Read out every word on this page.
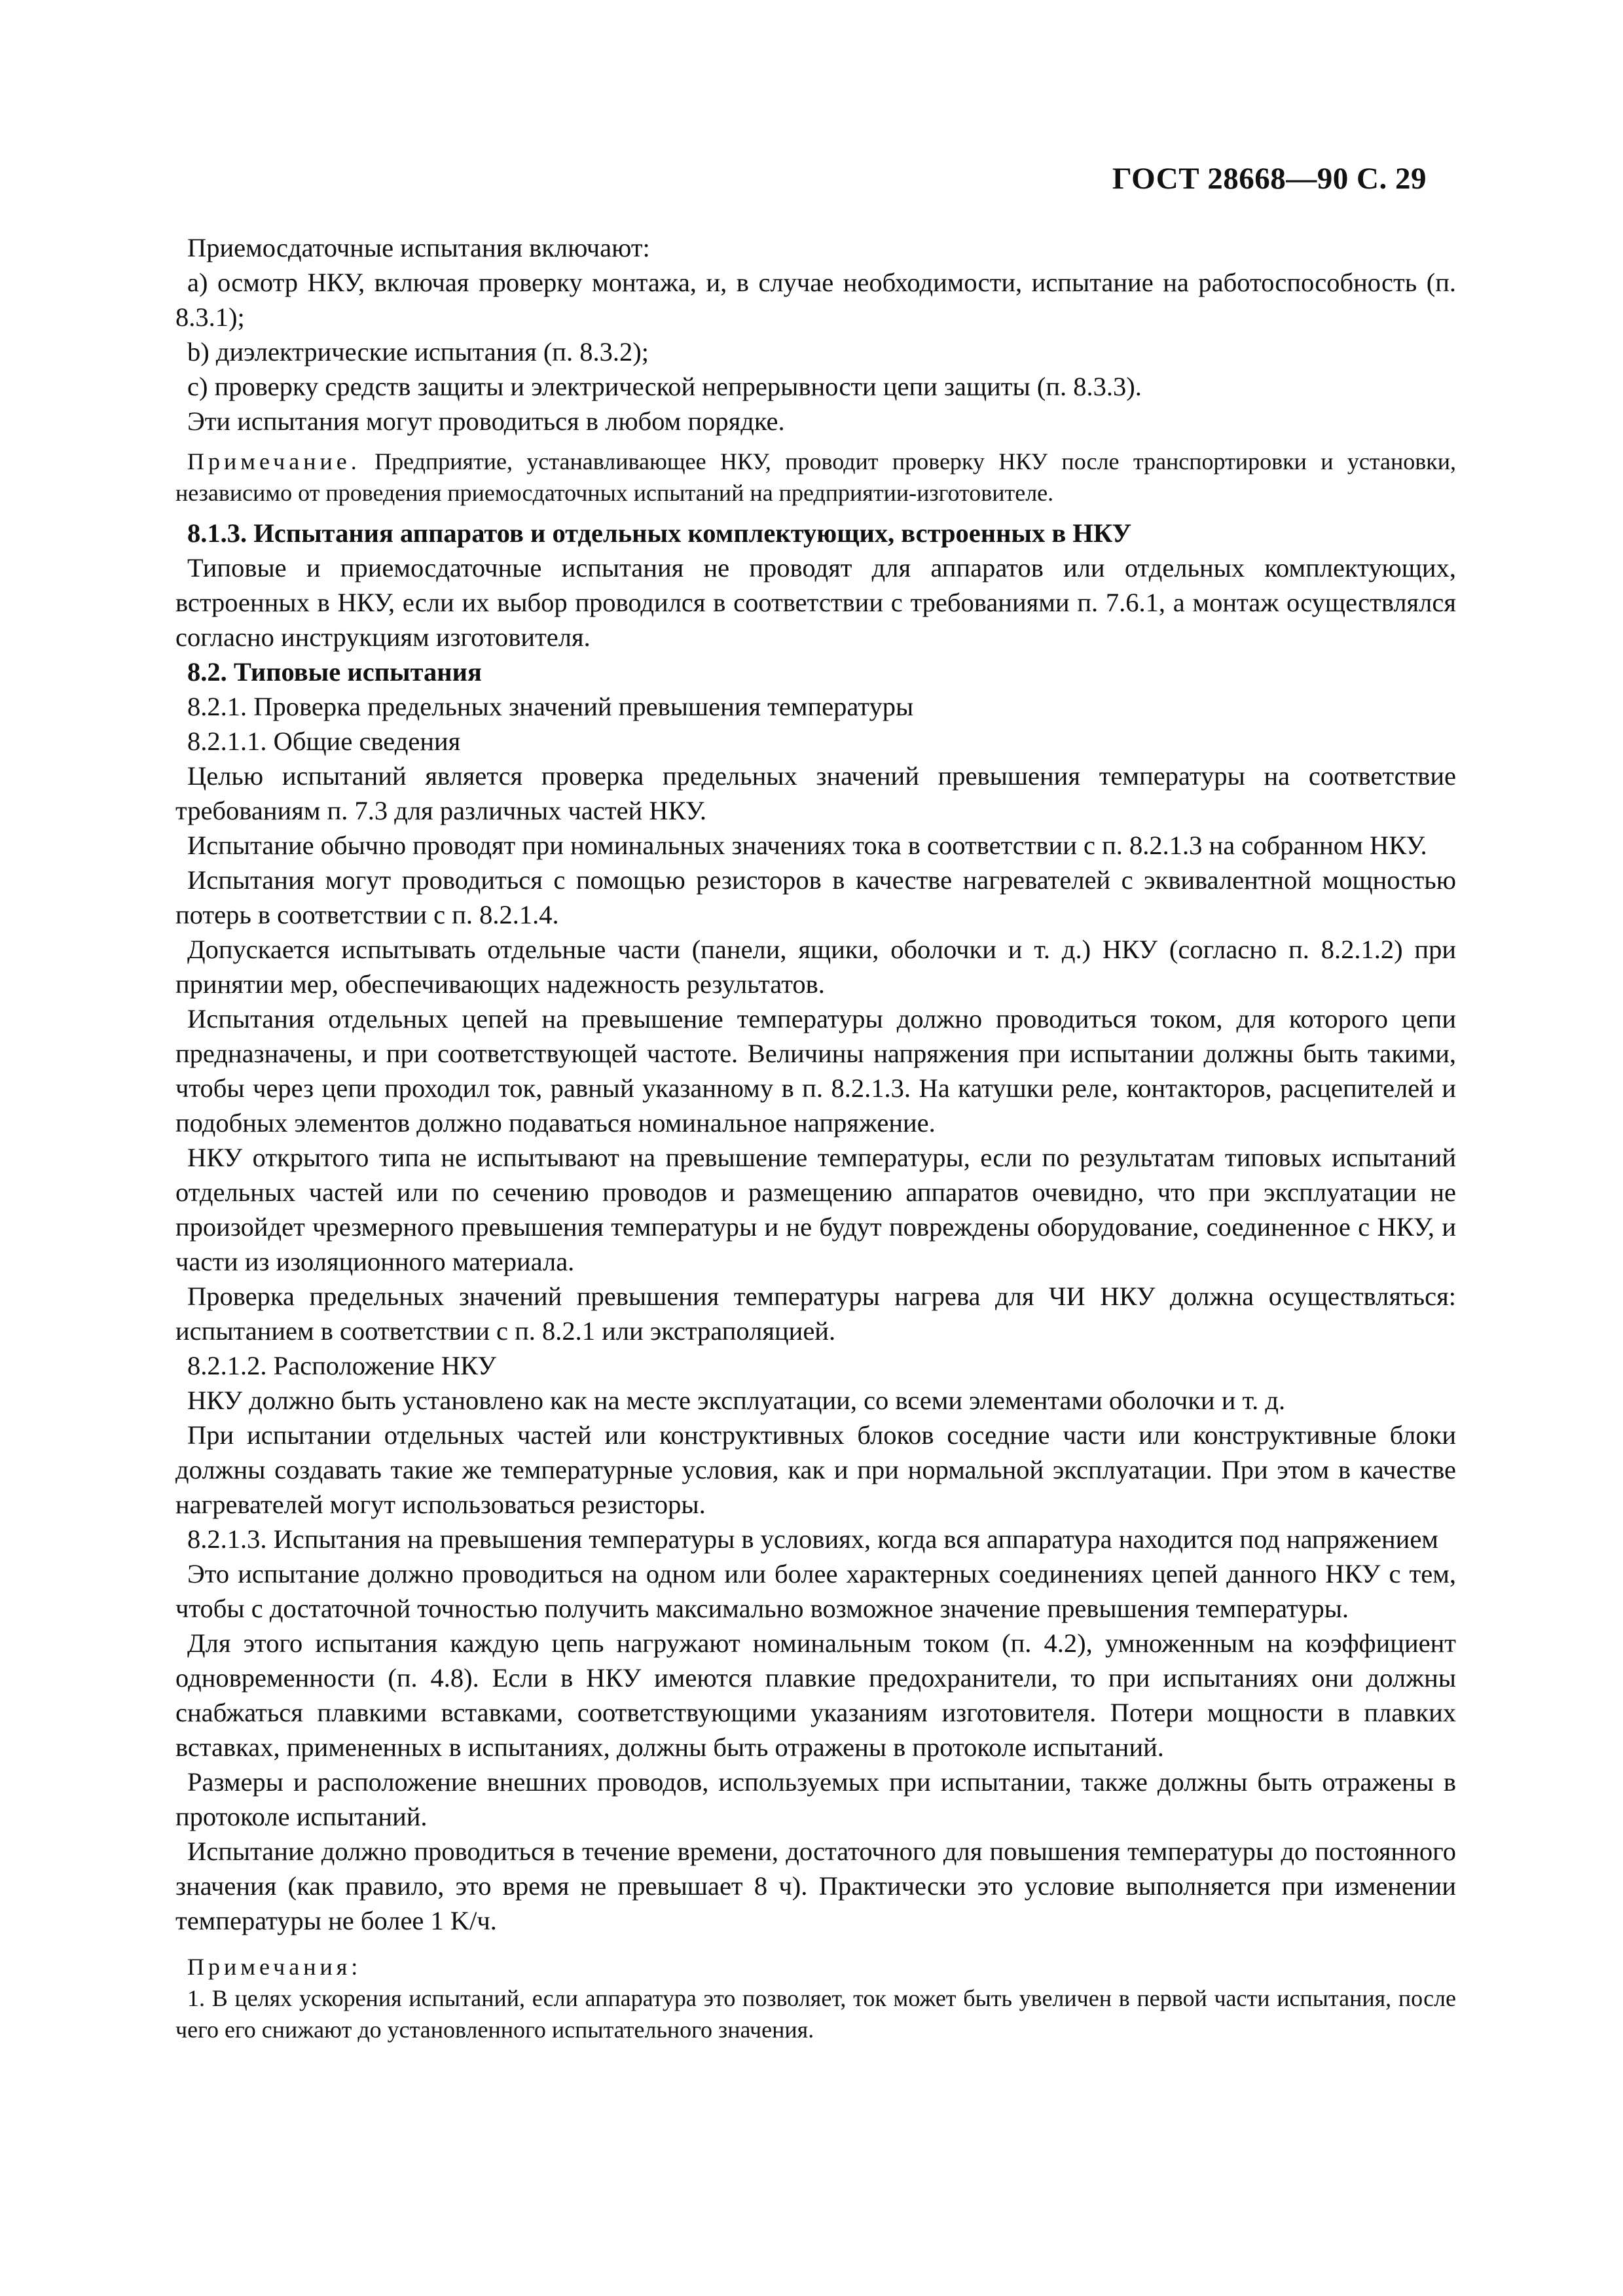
ГОСТ 28668—90 С. 29

Приемосдаточные испытания включают:

а) осмотр НКУ, включая проверку монтажа, и, в случае необходимости, испытание на работоспособность (п. 8.3.1);

b) диэлектрические испытания (п. 8.3.2);

с) проверку средств защиты и электрической непрерывности цепи защиты (п. 8.3.3).

Эти испытания могут проводиться в любом порядке.

Примечание. Предприятие, устанавливающее НКУ, проводит проверку НКУ после транспортировки и установки, независимо от проведения приемосдаточных испытаний на предприятии-изготовителе.

8.1.3. Испытания аппаратов и отдельных комплектующих, встроенных в НКУ

Типовые и приемосдаточные испытания не проводят для аппаратов или отдельных комплектующих, встроенных в НКУ, если их выбор проводился в соответствии с требованиями п. 7.6.1, а монтаж осуществлялся согласно инструкциям изготовителя.

8.2. Типовые испытания

8.2.1. Проверка предельных значений превышения температуры

8.2.1.1. Общие сведения

Целью испытаний является проверка предельных значений превышения температуры на соответствие требованиям п. 7.3 для различных частей НКУ.

Испытание обычно проводят при номинальных значениях тока в соответствии с п. 8.2.1.3 на собранном НКУ.

Испытания могут проводиться с помощью резисторов в качестве нагревателей с эквивалентной мощностью потерь в соответствии с п. 8.2.1.4.

Допускается испытывать отдельные части (панели, ящики, оболочки и т. д.) НКУ (согласно п. 8.2.1.2) при принятии мер, обеспечивающих надежность результатов.

Испытания отдельных цепей на превышение температуры должно проводиться током, для которого цепи предназначены, и при соответствующей частоте. Величины напряжения при испытании должны быть такими, чтобы через цепи проходил ток, равный указанному в п. 8.2.1.3. На катушки реле, контакторов, расцепителей и подобных элементов должно подаваться номинальное напряжение.

НКУ открытого типа не испытывают на превышение температуры, если по результатам типовых испытаний отдельных частей или по сечению проводов и размещению аппаратов очевидно, что при эксплуатации не произойдет чрезмерного превышения температуры и не будут повреждены оборудование, соединенное с НКУ, и части из изоляционного материала.

Проверка предельных значений превышения температуры нагрева для ЧИ НКУ должна осуществляться: испытанием в соответствии с п. 8.2.1 или экстраполяцией.

8.2.1.2. Расположение НКУ

НКУ должно быть установлено как на месте эксплуатации, со всеми элементами оболочки и т. д.

При испытании отдельных частей или конструктивных блоков соседние части или конструктивные блоки должны создавать такие же температурные условия, как и при нормальной эксплуатации. При этом в качестве нагревателей могут использоваться резисторы.

8.2.1.3. Испытания на превышения температуры в условиях, когда вся аппаратура находится под напряжением

Это испытание должно проводиться на одном или более характерных соединениях цепей данного НКУ с тем, чтобы с достаточной точностью получить максимально возможное значение превышения температуры.

Для этого испытания каждую цепь нагружают номинальным током (п. 4.2), умноженным на коэффициент одновременности (п. 4.8). Если в НКУ имеются плавкие предохранители, то при испытаниях они должны снабжаться плавкими вставками, соответствующими указаниям изготовителя. Потери мощности в плавких вставках, примененных в испытаниях, должны быть отражены в протоколе испытаний.

Размеры и расположение внешних проводов, используемых при испытании, также должны быть отражены в протоколе испытаний.

Испытание должно проводиться в течение времени, достаточного для повышения температуры до постоянного значения (как правило, это время не превышает 8 ч). Практически это условие выполняется при изменении температуры не более 1 K/ч.

Примечания:

1. В целях ускорения испытаний, если аппаратура это позволяет, ток может быть увеличен в первой части испытания, после чего его снижают до установленного испытательного значения.
